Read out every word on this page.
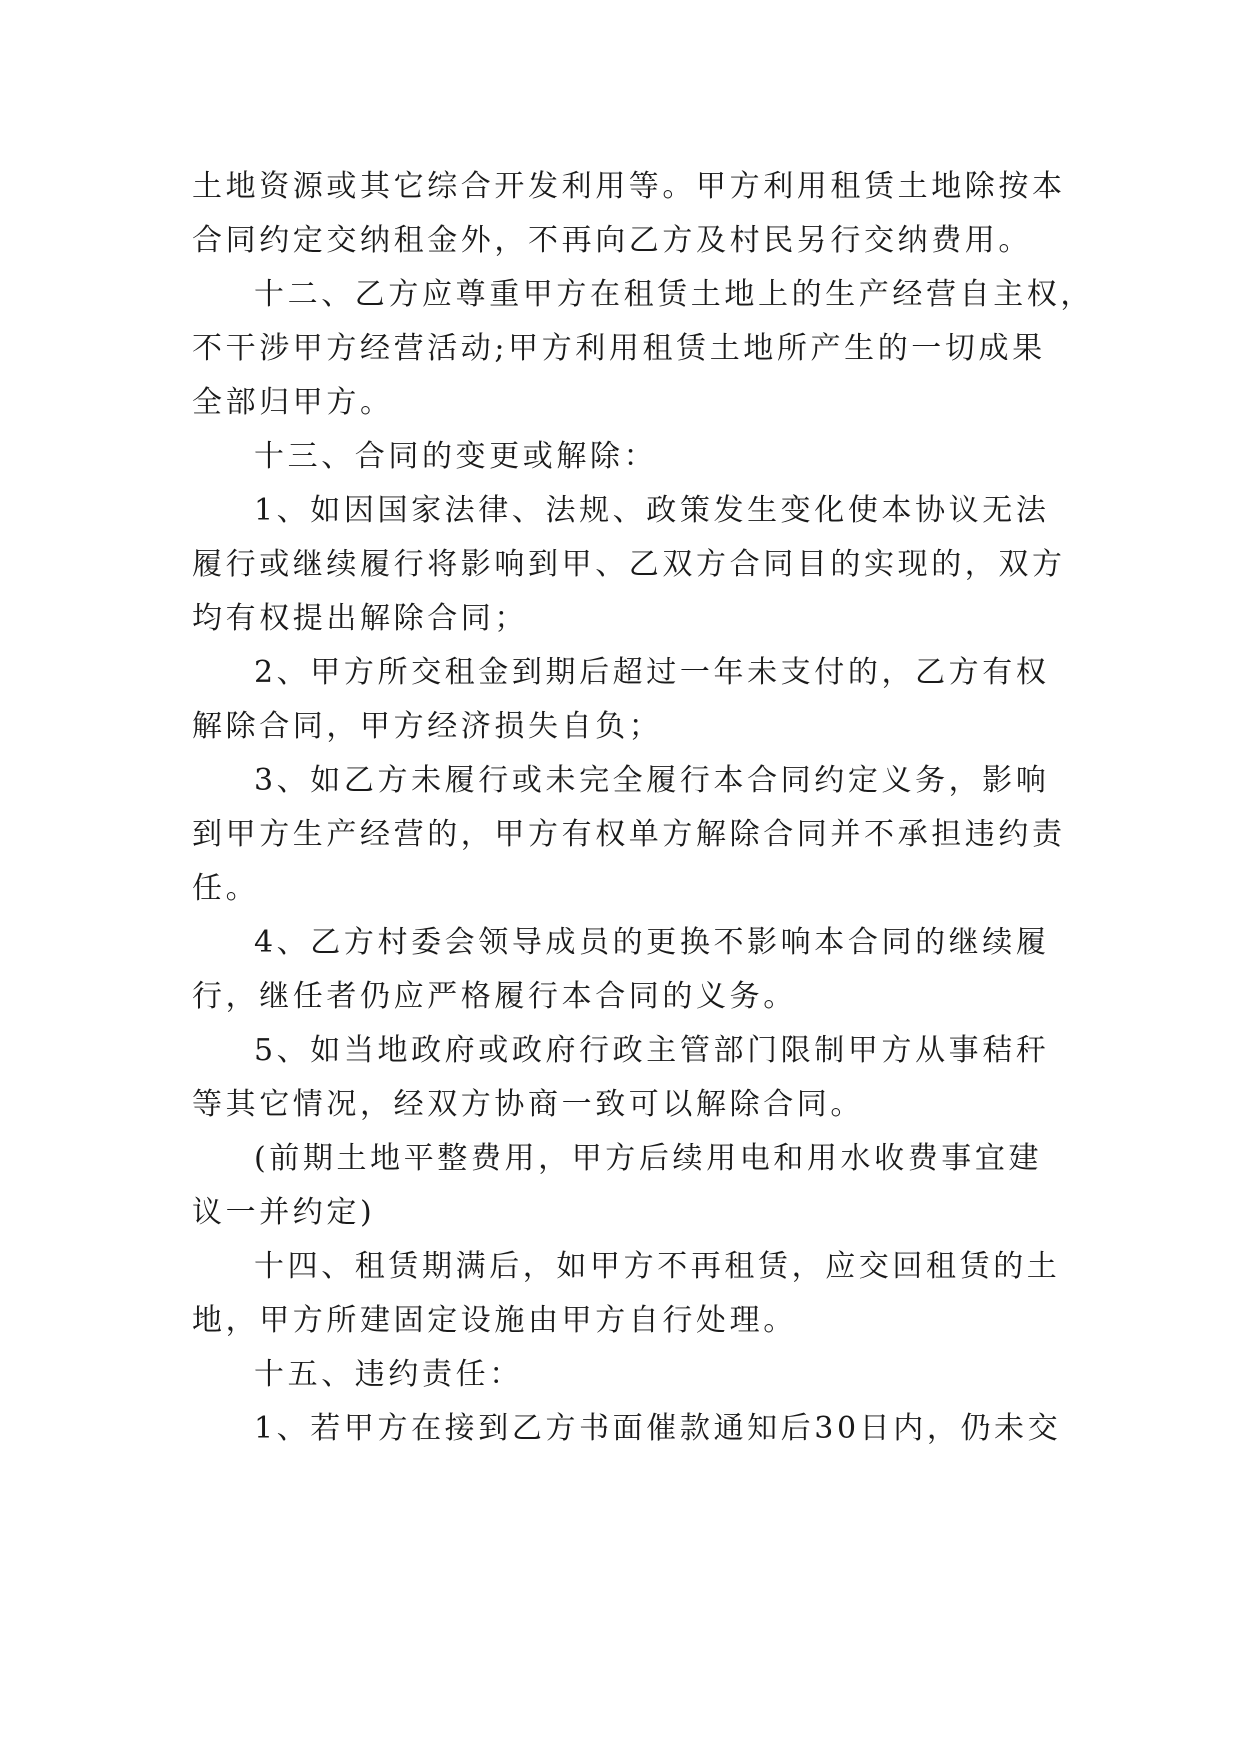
土地资源或其它综合开发利用等。甲方利用租赁土地除按本

合同约定交纳租金外，不再向乙方及村民另行交纳费用。

十二、乙方应尊重甲方在租赁土地上的生产经营自主权，

不干涉甲方经营活动;甲方利用租赁土地所产生的一切成果

全部归甲方。

十三、合同的变更或解除：

1、如因国家法律、法规、政策发生变化使本协议无法

履行或继续履行将影响到甲、乙双方合同目的实现的，双方

均有权提出解除合同；

2、甲方所交租金到期后超过一年未支付的，乙方有权

解除合同，甲方经济损失自负；

3、如乙方未履行或未完全履行本合同约定义务，影响

到甲方生产经营的，甲方有权单方解除合同并不承担违约责

任。

4、乙方村委会领导成员的更换不影响本合同的继续履

行，继任者仍应严格履行本合同的义务。

5、如当地政府或政府行政主管部门限制甲方从事秸秆

等其它情况，经双方协商一致可以解除合同。

(前期土地平整费用，甲方后续用电和用水收费事宜建

议一并约定)

十四、租赁期满后，如甲方不再租赁，应交回租赁的土

地，甲方所建固定设施由甲方自行处理。

十五、违约责任：

1、若甲方在接到乙方书面催款通知后30日内，仍未交
